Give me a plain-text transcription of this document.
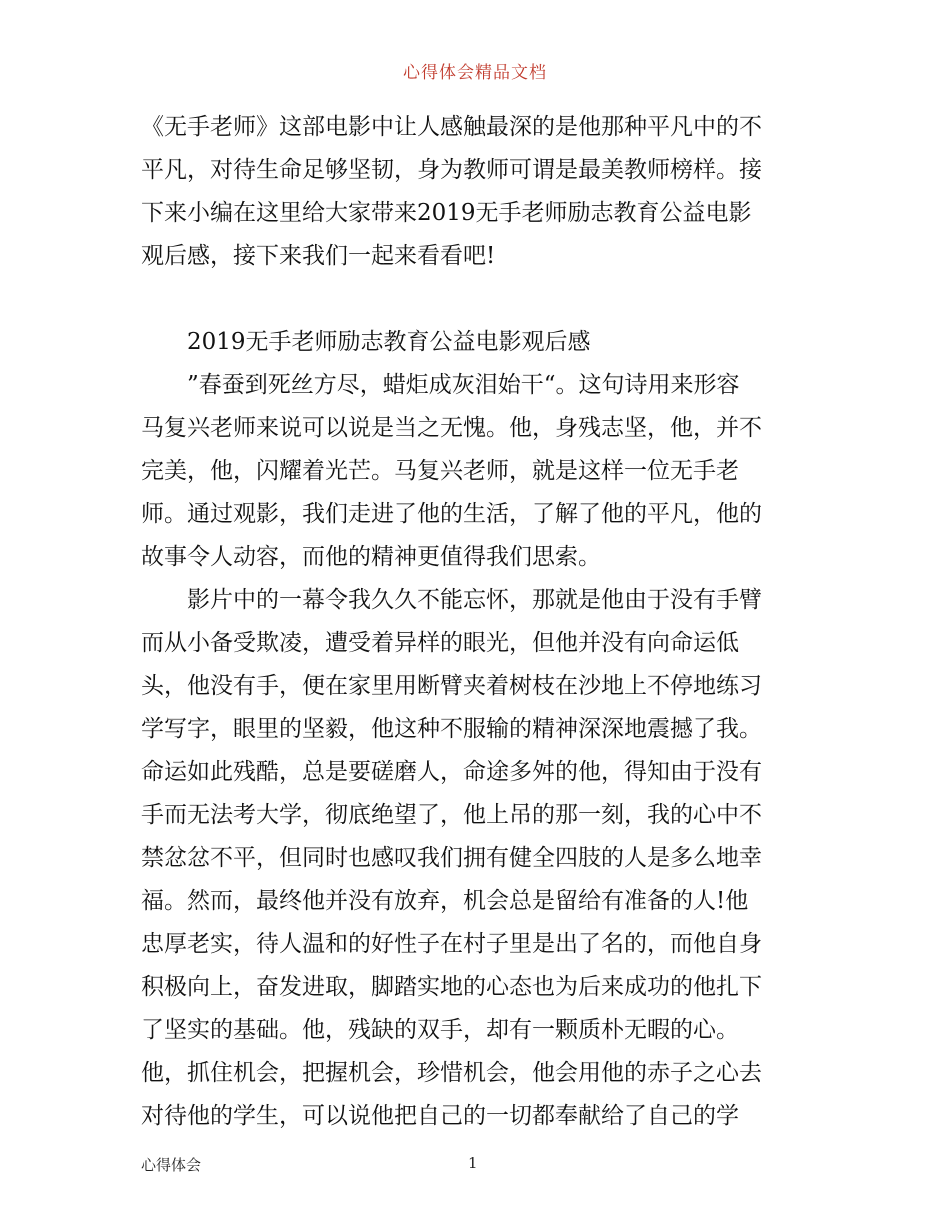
心得体会精品文档
《无手老师》这部电影中让人感触最深的是他那种平凡中的不
平凡，对待生命足够坚韧，身为教师可谓是最美教师榜样。接
下来小编在这里给大家带来2019无手老师励志教育公益电影
观后感，接下来我们一起来看看吧!
2019无手老师励志教育公益电影观后感
”春蚕到死丝方尽，蜡炬成灰泪始干“。这句诗用来形容
马复兴老师来说可以说是当之无愧。他，身残志坚，他，并不
完美，他，闪耀着光芒。马复兴老师，就是这样一位无手老
师。通过观影，我们走进了他的生活，了解了他的平凡，他的
故事令人动容，而他的精神更值得我们思索。
影片中的一幕令我久久不能忘怀，那就是他由于没有手臂
而从小备受欺凌，遭受着异样的眼光，但他并没有向命运低
头，他没有手，便在家里用断臂夹着树枝在沙地上不停地练习
学写字，眼里的坚毅，他这种不服输的精神深深地震撼了我。
命运如此残酷，总是要磋磨人，命途多舛的他，得知由于没有
手而无法考大学，彻底绝望了，他上吊的那一刻，我的心中不
禁忿忿不平，但同时也感叹我们拥有健全四肢的人是多么地幸
福。然而，最终他并没有放弃，机会总是留给有准备的人!他
忠厚老实，待人温和的好性子在村子里是出了名的，而他自身
积极向上，奋发进取，脚踏实地的心态也为后来成功的他扎下
了坚实的基础。他，残缺的双手，却有一颗质朴无暇的心。
他，抓住机会，把握机会，珍惜机会，他会用他的赤子之心去
对待他的学生，可以说他把自己的一切都奉献给了自己的学
心得体会	1
